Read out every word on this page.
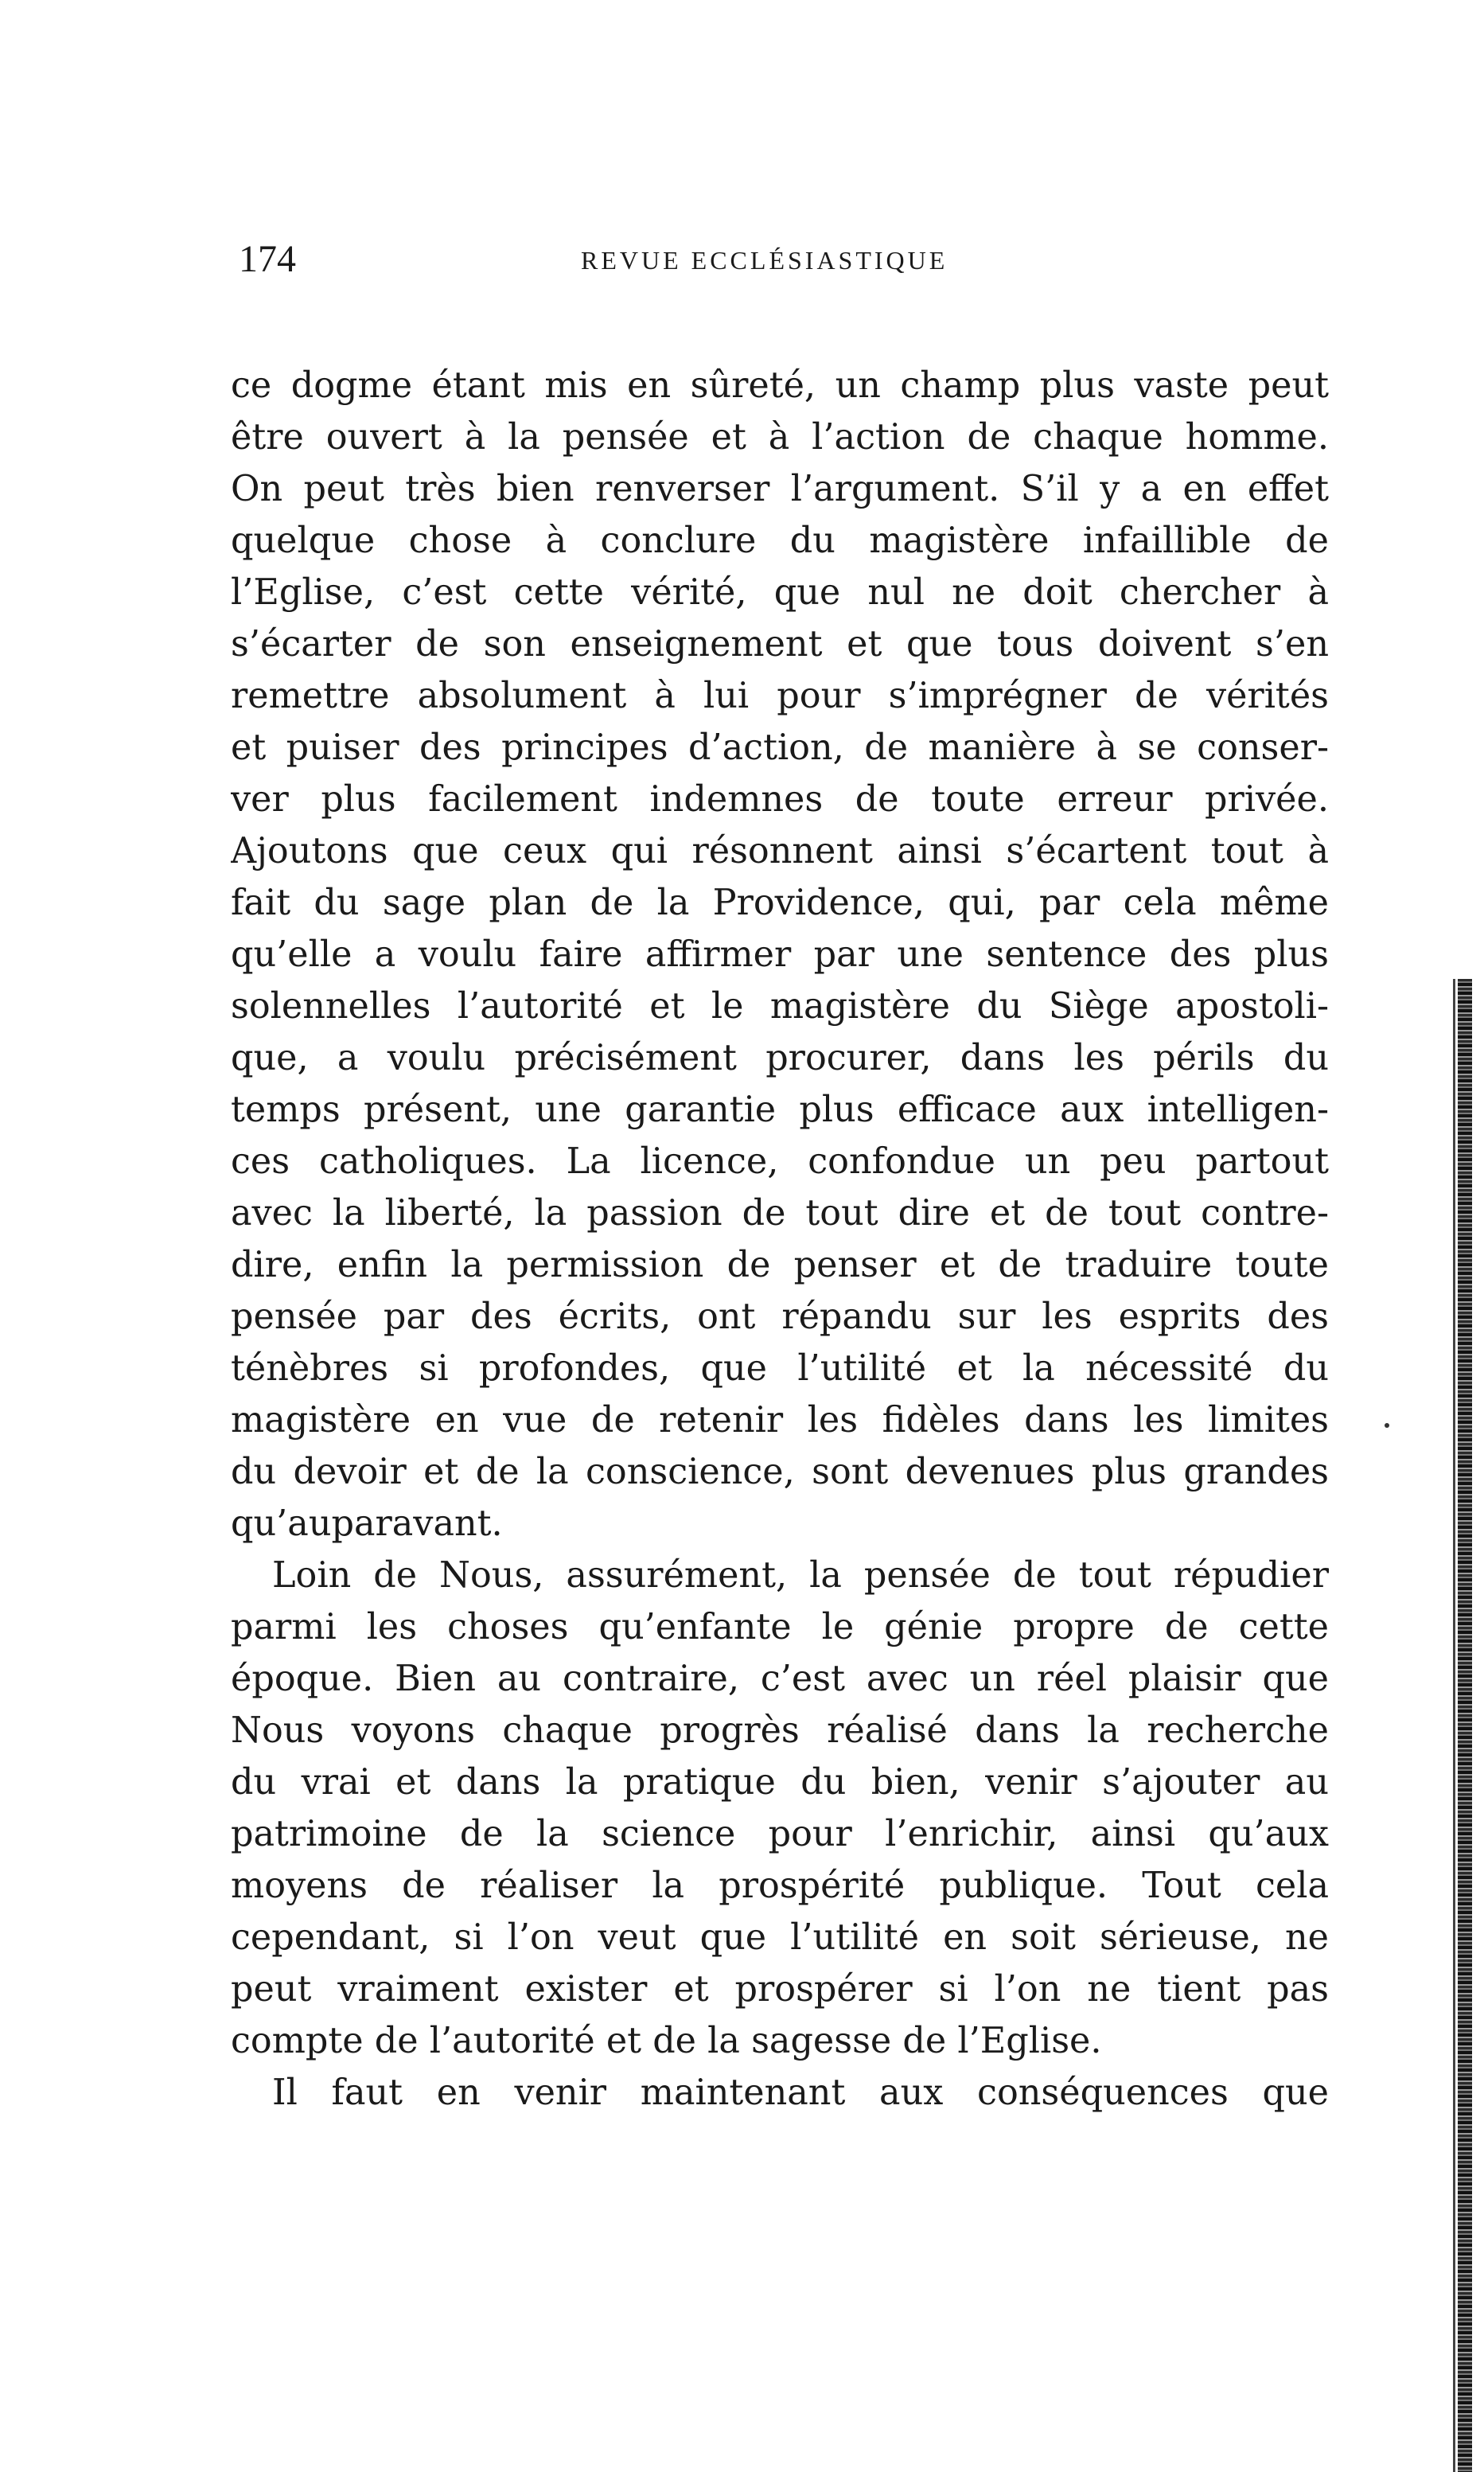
174	REVUE ECCLÉSIASTIQUE
ce dogme étant mis en sûreté, un champ plus vaste peut
être ouvert à la pensée et à l’action de chaque homme.
On peut très bien renverser l’argument. S’il y a en effet
quelque chose à conclure du magistère infaillible de
l’Eglise, c’est cette vérité, que nul ne doit chercher à
s’écarter de son enseignement et que tous doivent s’en
remettre absolument à lui pour s’imprégner de vérités
et puiser des principes d’action, de manière à se conser-
ver plus facilement indemnes de toute erreur privée.
Ajoutons que ceux qui résonnent ainsi s’écartent tout à
fait du sage plan de la Providence, qui, par cela même
qu’elle a voulu faire affirmer par une sentence des plus
solennelles l’autorité et le magistère du Siège apostoli-
que, a voulu précisément procurer, dans les périls du
temps présent, une garantie plus efficace aux intelligen-
ces catholiques. La licence, confondue un peu partout
avec la liberté, la passion de tout dire et de tout contre-
dire, enfin la permission de penser et de traduire toute
pensée par des écrits, ont répandu sur les esprits des
ténèbres si profondes, que l’utilité et la nécessité du
magistère en vue de retenir les fidèles dans les limites
du devoir et de la conscience, sont devenues plus grandes
qu’auparavant.
Loin de Nous, assurément, la pensée de tout répudier
parmi les choses qu’enfante le génie propre de cette
époque. Bien au contraire, c’est avec un réel plaisir que
Nous voyons chaque progrès réalisé dans la recherche
du vrai et dans la pratique du bien, venir s’ajouter au
patrimoine de la science pour l’enrichir, ainsi qu’aux
moyens de réaliser la prospérité publique. Tout cela
cependant, si l’on veut que l’utilité en soit sérieuse, ne
peut vraiment exister et prospérer si l’on ne tient pas
compte de l’autorité et de la sagesse de l’Eglise.
Il faut en venir maintenant aux conséquences que
